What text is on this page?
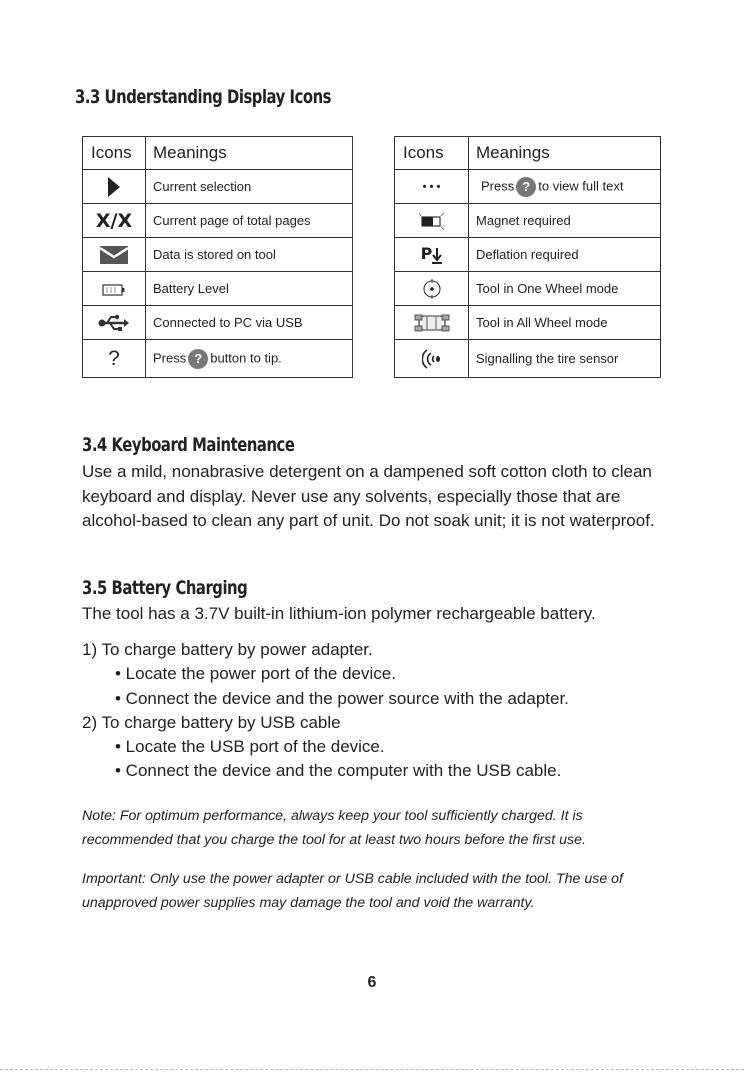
3.3 Understanding Display Icons
Icons	Meanings
	Current selection
X/X	Current page of total pages
	Data is stored on tool
	Battery Level
	Connected to PC via USB
?	Press ? button to tip.
Icons	Meanings
• • •	Press ? to view full text
	Magnet required
P	Deflation required
	Tool in One Wheel mode
	Tool in All Wheel mode
	Signalling the tire sensor
3.4 Keyboard Maintenance

Use a mild, nonabrasive detergent on a dampened soft cotton cloth to clean keyboard and display. Never use any solvents, especially those that are alcohol-based to clean any part of unit. Do not soak unit; it is not waterproof.

3.5 Battery Charging

The tool has a 3.7V built-in lithium-ion polymer rechargeable battery.

1) To charge battery by power adapter.
• Locate the power port of the device.
• Connect the device and the power source with the adapter.
2) To charge battery by USB cable
• Locate the USB port of the device.
• Connect the device and the computer with the USB cable.

Note: For optimum performance, always keep your tool sufficiently charged. It is recommended that you charge the tool for at least two hours before the first use.

Important: Only use the power adapter or USB cable included with the tool. The use of unapproved power supplies may damage the tool and void the warranty.

6
